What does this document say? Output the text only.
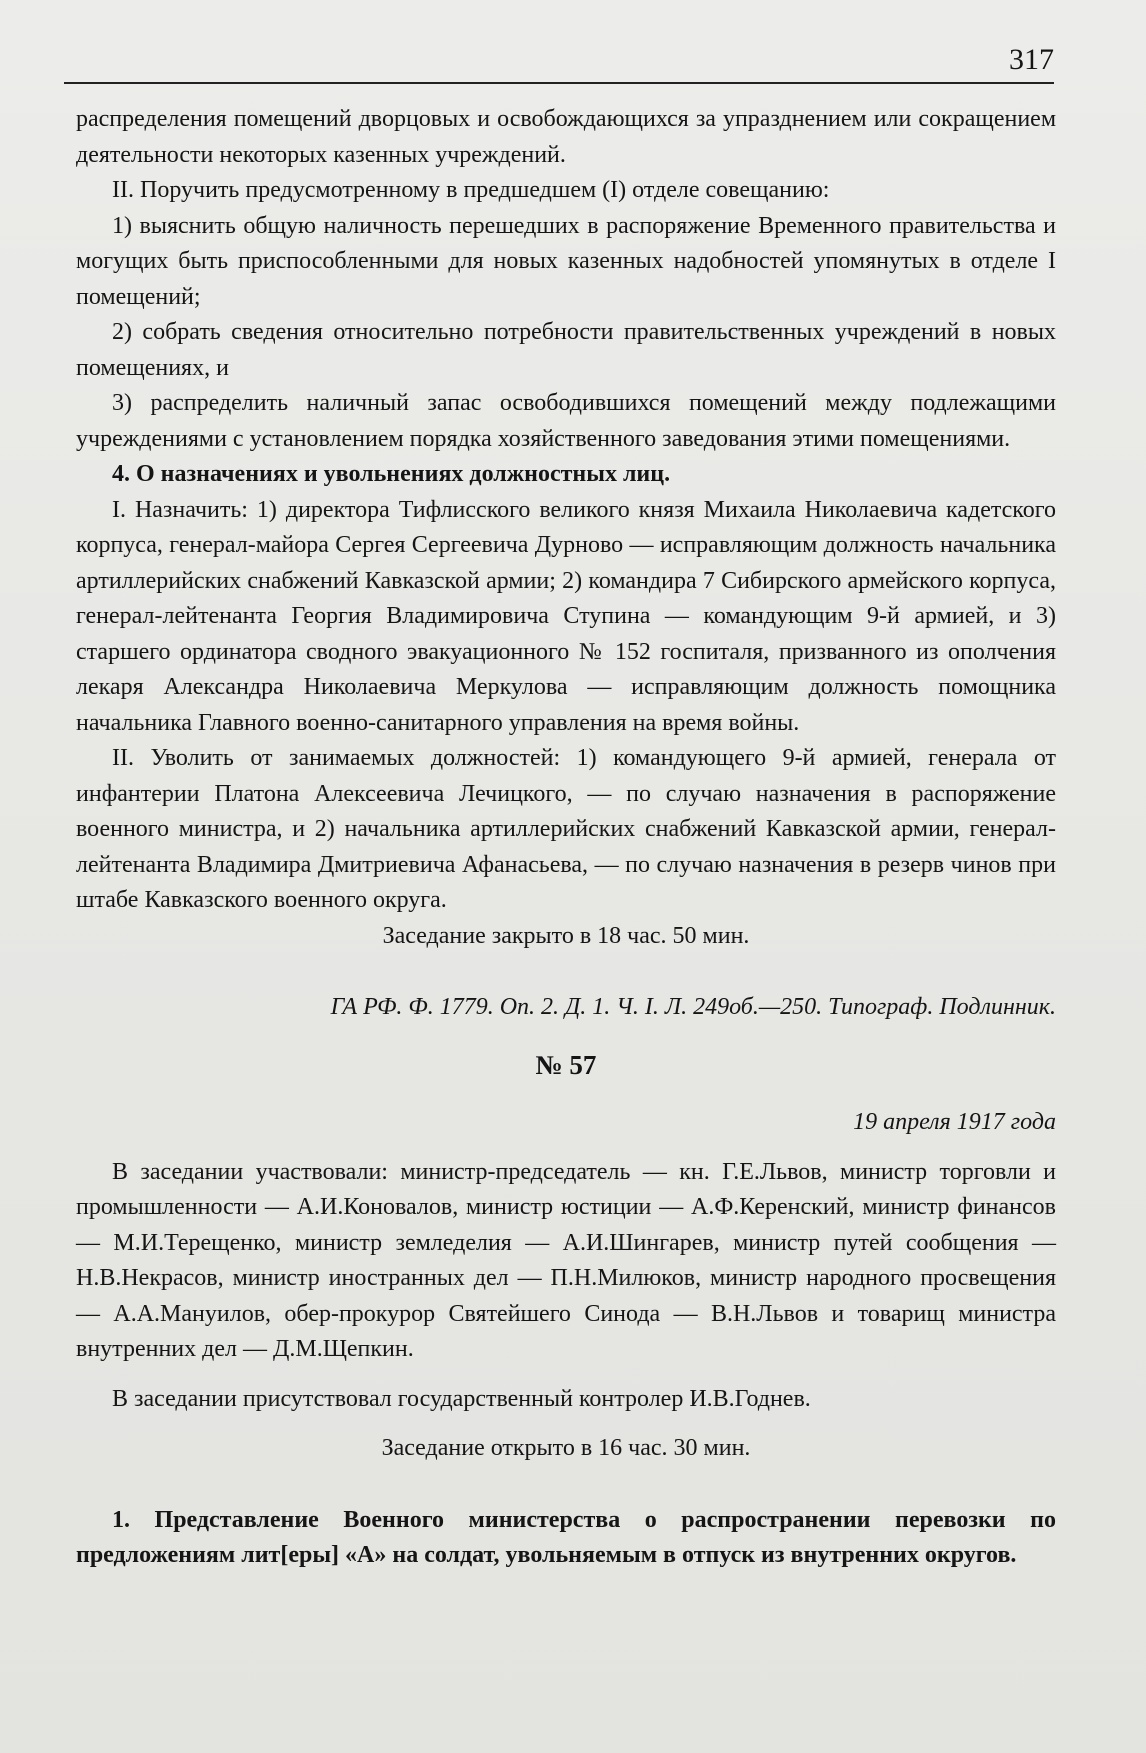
317

распределения помещений дворцовых и освобождающихся за упразднением или сокращением деятельности некоторых казенных учреждений.

II. Поручить предусмотренному в предшедшем (I) отделе совещанию:

1) выяснить общую наличность перешедших в распоряжение Временного правительства и могущих быть приспособленными для новых казенных надобностей упомянутых в отделе I помещений;

2) собрать сведения относительно потребности правительственных учреждений в новых помещениях, и

3) распределить наличный запас освободившихся помещений между подлежащими учреждениями с установлением порядка хозяйственного заведования этими помещениями.

4. О назначениях и увольнениях должностных лиц.

I. Назначить: 1) директора Тифлисского великого князя Михаила Николаевича кадетского корпуса, генерал-майора Сергея Сергеевича Дурново — исправляющим должность начальника артиллерийских снабжений Кавказской армии; 2) командира 7 Сибирского армейского корпуса, генерал-лейтенанта Георгия Владимировича Ступина — командующим 9-й армией, и 3) старшего ординатора сводного эвакуационного № 152 госпиталя, призванного из ополчения лекаря Александра Николаевича Меркулова — исправляющим должность помощника начальника Главного военно-санитарного управления на время войны.

II. Уволить от занимаемых должностей: 1) командующего 9-й армией, генерала от инфантерии Платона Алексеевича Лечицкого, — по случаю назначения в распоряжение военного министра, и 2) начальника артиллерийских снабжений Кавказской армии, генерал-лейтенанта Владимира Дмитриевича Афанасьева, — по случаю назначения в резерв чинов при штабе Кавказского военного округа.

Заседание закрыто в 18 час. 50 мин.

ГА РФ. Ф. 1779. Оп. 2. Д. 1. Ч. I. Л. 249об.—250. Типограф. Подлинник.

№ 57

19 апреля 1917 года

В заседании участвовали: министр-председатель — кн. Г.Е.Львов, министр торговли и промышленности — А.И.Коновалов, министр юстиции — А.Ф.Керенский, министр финансов — М.И.Терещенко, министр земледелия — А.И.Шингарев, министр путей сообщения — Н.В.Некрасов, министр иностранных дел — П.Н.Милюков, министр народного просвещения — А.А.Мануилов, обер-прокурор Святейшего Синода — В.Н.Львов и товарищ министра внутренних дел — Д.М.Щепкин.

В заседании присутствовал государственный контролер И.В.Годнев.

Заседание открыто в 16 час. 30 мин.

1. Представление Военного министерства о распространении перевозки по предложениям лит[еры] «А» на солдат, увольняемым в отпуск из внутренних округов.
